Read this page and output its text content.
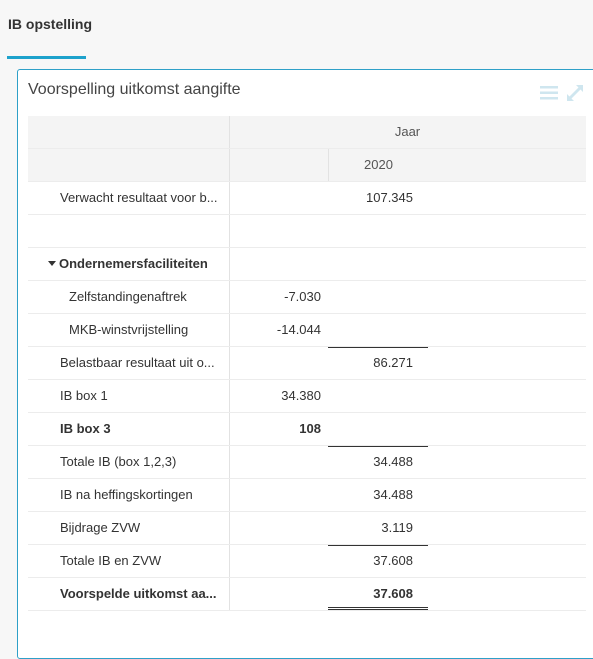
IB opstelling
Voorspelling uitkomst aangifte
Jaar
2020
Verwacht resultaat voor b...	107.345
Ondernemersfaciliteiten
Zelfstandingenaftrek	-7.030
MKB-winstvrijstelling	-14.044
Belastbaar resultaat uit o...	86.271
IB box 1	34.380
IB box 3	108
Totale IB (box 1,2,3)	34.488
IB na heffingskortingen	34.488
Bijdrage ZVW	3.119
Totale IB en ZVW	37.608
Voorspelde uitkomst aa...	37.608
